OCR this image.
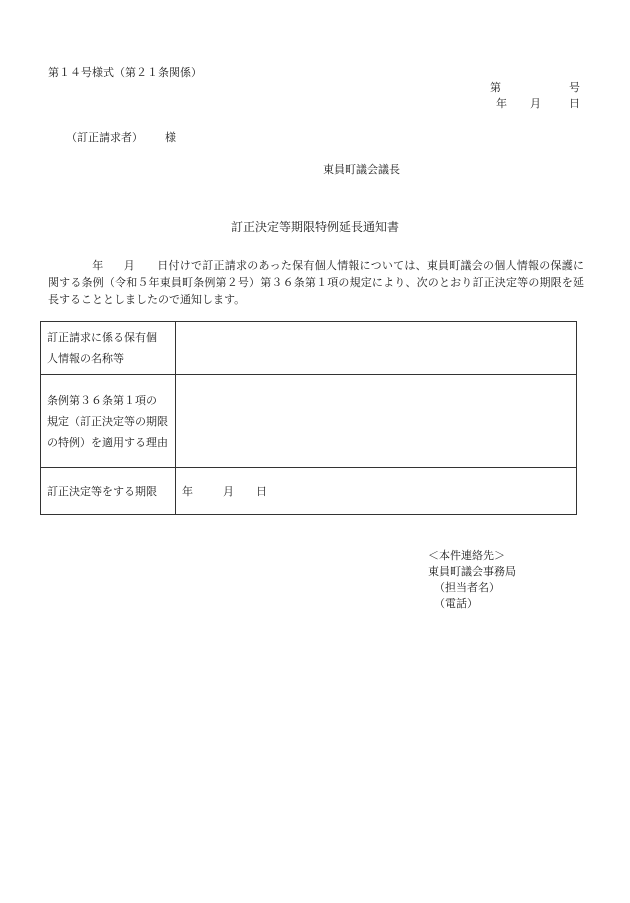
第１４号様式（第２１条関係）
第	号
年 月	日
（訂正請求者） 様
東員町議会議長
訂正決定等期限特例延長通知書
年 月 日付けで訂正請求のあった保有個人情報については、東員町議会の個人情報の保護に関する条例（令和５年東員町条例第２号）第３６条第１項の規定により、次のとおり訂正決定等の期限を延長することとしましたので通知します。
訂正請求に係る保有個
人情報の名称等	

条例第３６条第１項の
規定（訂正決定等の期限
の特例）を適用する理由	

訂正決定等をする期限	年 月 日
＜本件連絡先＞
東員町議会事務局
（担当者名）
（電話）
